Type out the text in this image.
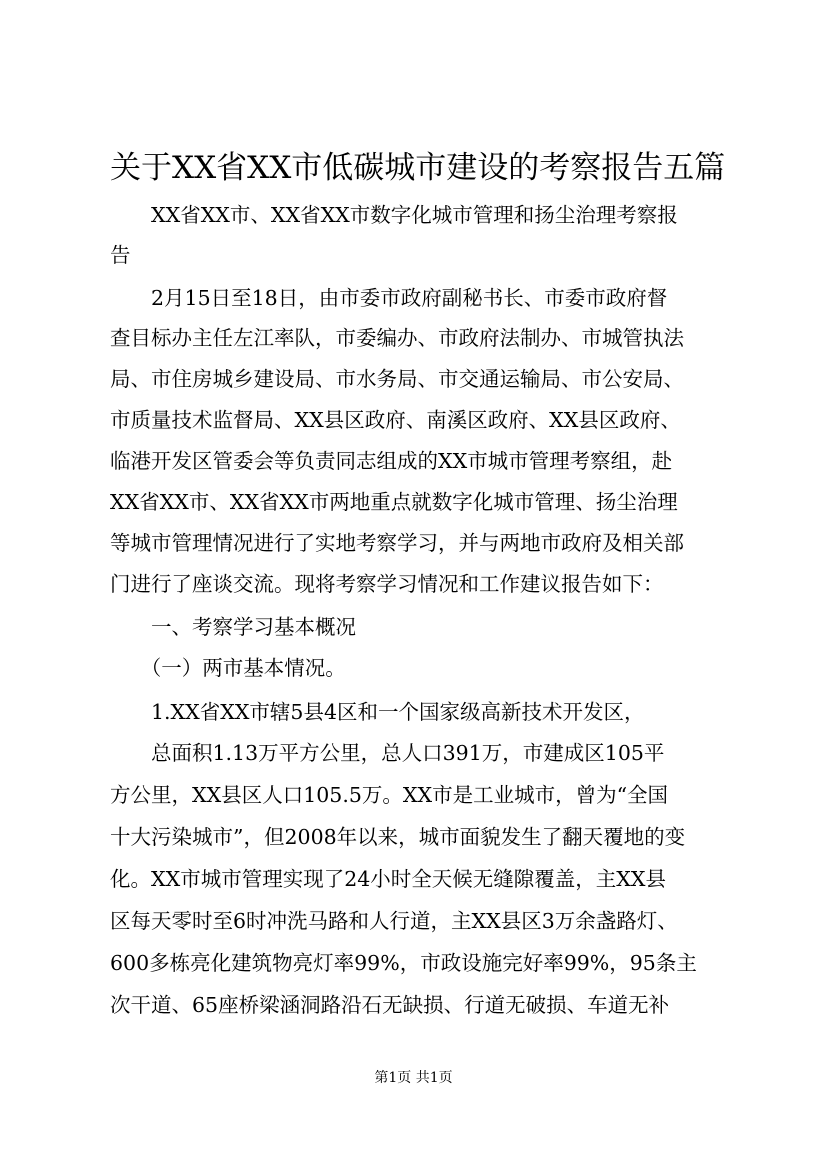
关于XX省XX市低碳城市建设的考察报告五篇
　　XX省XX市、XX省XX市数字化城市管理和扬尘治理考察报
告
　　2月15日至18日，由市委市政府副秘书长、市委市政府督
查目标办主任左江率队，市委编办、市政府法制办、市城管执法
局、市住房城乡建设局、市水务局、市交通运输局、市公安局、
市质量技术监督局、XX县区政府、南溪区政府、XX县区政府、
临港开发区管委会等负责同志组成的XX市城市管理考察组，赴
XX省XX市、XX省XX市两地重点就数字化城市管理、扬尘治理
等城市管理情况进行了实地考察学习，并与两地市政府及相关部
门进行了座谈交流。现将考察学习情况和工作建议报告如下：
　　一、考察学习基本概况
　　（一）两市基本情况。
　　1.XX省XX市辖5县4区和一个国家级高新技术开发区，
　　总面积1.13万平方公里，总人口391万，市建成区105平
方公里，XX县区人口105.5万。XX市是工业城市，曾为“全国
十大污染城市”，但2008年以来，城市面貌发生了翻天覆地的变
化。XX市城市管理实现了24小时全天候无缝隙覆盖，主XX县
区每天零时至6时冲洗马路和人行道，主XX县区3万余盏路灯、
600多栋亮化建筑物亮灯率99%，市政设施完好率99%，95条主
次干道、65座桥梁涵洞路沿石无缺损、行道无破损、车道无补
第1页 共1页
